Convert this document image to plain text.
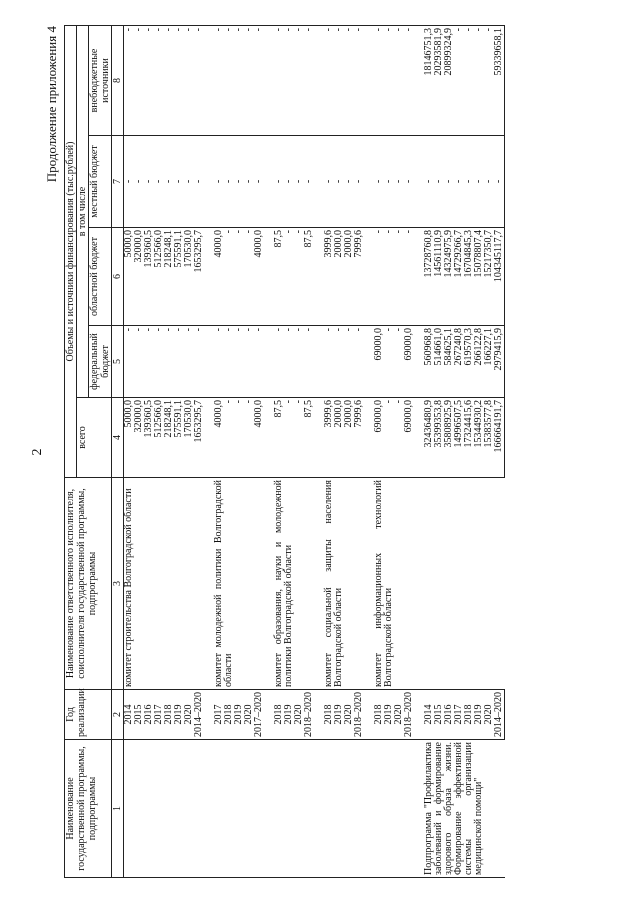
2
Продолжение приложения 4
Наименование государственной программы, подпрограммы	Год реализации	Наименование ответственного исполнителя, соисполнителя государственной программы, подпрограммы	Объемы и источники финансирования (тыс.рублей)				
			всего	в том числе			
				федеральный бюджет	областной бюджет	местный бюджет	внебюджетные источники
1	2	3	4	5	6	7	8
	2014	комитет строительства Волгоградской области	5000,0	-	5000,0	-	-
	2015		32000,0	-	32000,0	-	-
	2016		139360,5	-	139360,5	-	-
	2017		512566,0	-	512566,0	-	-
	2018		218248,1	-	218248,1	-	-
	2019		575591,1	-	575591,1	-	-
	2020		170530,0	-	170530,0	-	-
	2014–2020		1653295,7	-	1653295,7	-	-

	2017	комитет молодежной политики Волгоградской области	4000,0	-	4000,0	-	-
	2018		-	-	-	-	-
	2019		-	-	-	-	-
	2020		-	-	-	-	-
	2017–2020		4000,0	-	4000,0	-	-

	2018	комитет образования, науки и молодежной политики Волгоградской области	87,5	-	87,5	-	-
	2019		-	-	-	-	-
	2020		-	-	-	-	-
	2018–2020		87,5	-	87,5	-	-

	2018	комитет социальной защиты населения Волгоградской области	3999,6	-	3999,6	-	-
	2019		2000,0	-	2000,0	-	-
	2020		2000,0	-	2000,0	-	-
	2018–2020		7999,6	-	7999,6	-	-

	2018	комитет информационных технологий Волгоградской области	69000,0	69000,0	-	-	-
	2019		-	-	-	-	-
	2020		-	-	-	-	-
	2018–2020		69000,0	69000,0	-	-	-

Подпрограмма "Профилактика заболеваний и формирование здорового образа жизни. Формирование эффективной системы организации медицинской помощи"	2014		32436480,9	560968,8	13728760,8	-	18146751,3
	2015		35399353,8	514661,0	14561110,9	-	20293581,9
	2016		35808925,9	584625,1	14324975,9	-	20899324,9
	2017		14996507,5	267240,8	14729266,7	-	-
	2018		17324415,6	619570,3	16704845,3	-	-
	2019		15344930,2	266122,8	15078807,4	-	-
	2020		15383577,8	166227,1	15217350,7	-	-
	2014–2020		166664191,7	2979415,9	104345117,7	-	59339658,1
